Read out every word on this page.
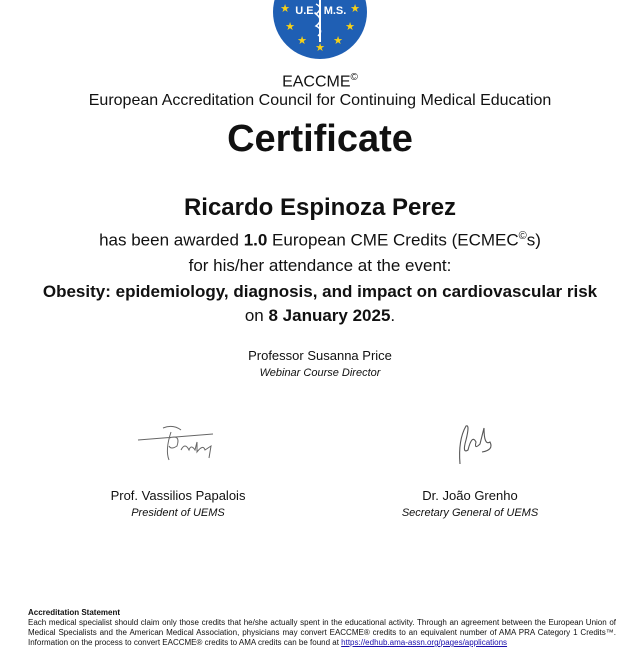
★	★
★	★
★ ★
★
U.E. M.S.
EACCME©
European Accreditation Council for Continuing Medical Education
Certificate
Ricardo Espinoza Perez
has been awarded 1.0 European CME Credits (ECMEC©s)
for his/her attendance at the event:
Obesity: epidemiology, diagnosis, and impact on cardiovascular risk
on 8 January 2025.
Professor Susanna Price
Webinar Course Director
Prof. Vassilios Papalois
President of UEMS
Dr. João Grenho
Secretary General of UEMS
Accreditation Statement
Each medical specialist should claim only those credits that he/she actually spent in the educational activity. Through an agreement between the European Union of Medical Specialists and the American Medical Association, physicians may convert EACCME® credits to an equivalent number of AMA PRA Category 1 Credits™. Information on the process to convert EACCME® credits to AMA credits can be found at https://edhub.ama-assn.org/pages/applications
